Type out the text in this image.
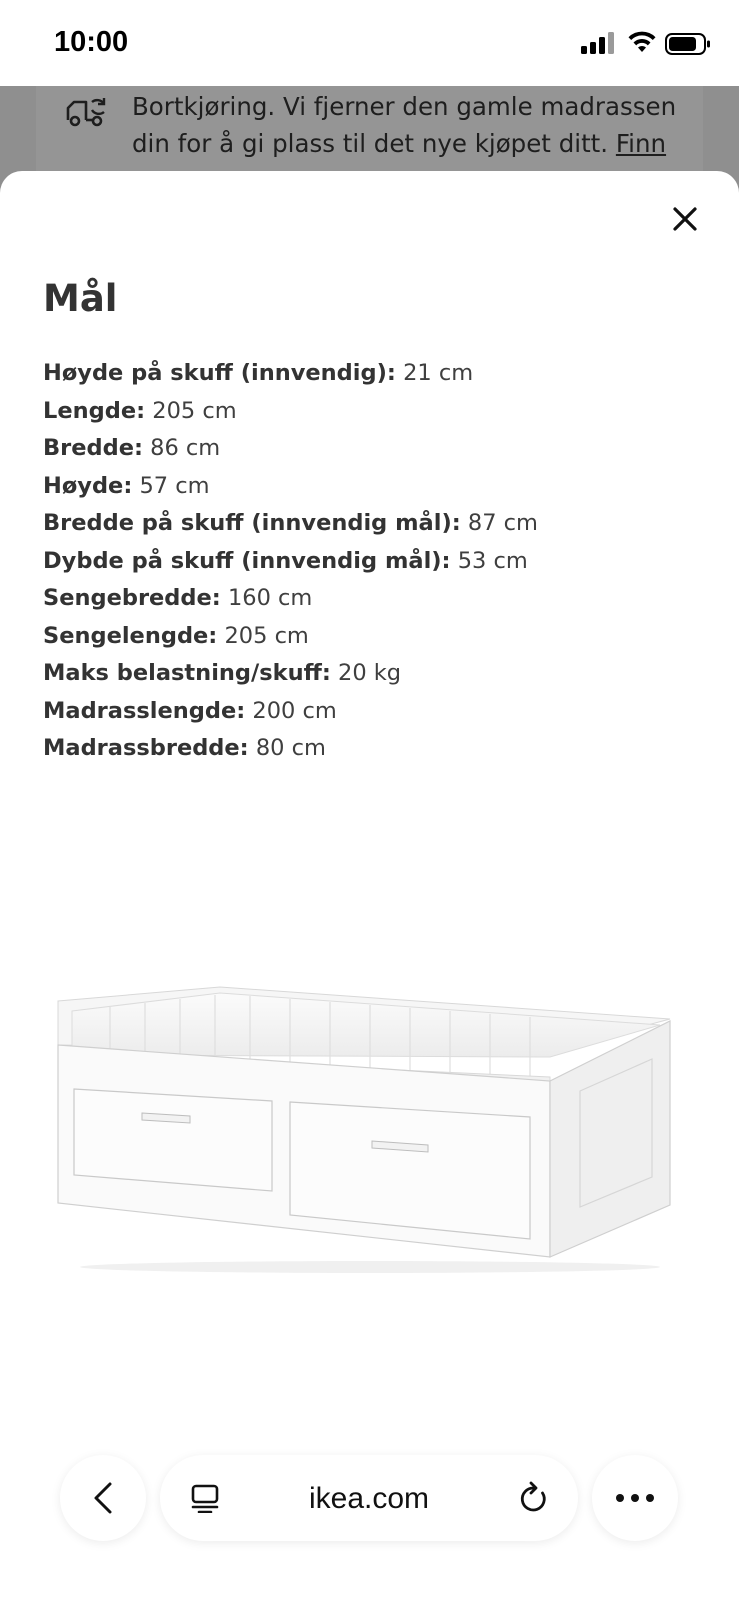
10:00
Bortkjøring. Vi fjerner den gamle madrassen din for å gi plass til det nye kjøpet ditt. Finn
Mål
Høyde på skuff (innvendig): 21 cm
Lengde: 205 cm
Bredde: 86 cm
Høyde: 57 cm
Bredde på skuff (innvendig mål): 87 cm
Dybde på skuff (innvendig mål): 53 cm
Sengebredde: 160 cm
Sengelengde: 205 cm
Maks belastning/skuff: 20 kg
Madrasslengde: 200 cm
Madrassbredde: 80 cm
ikea.com
